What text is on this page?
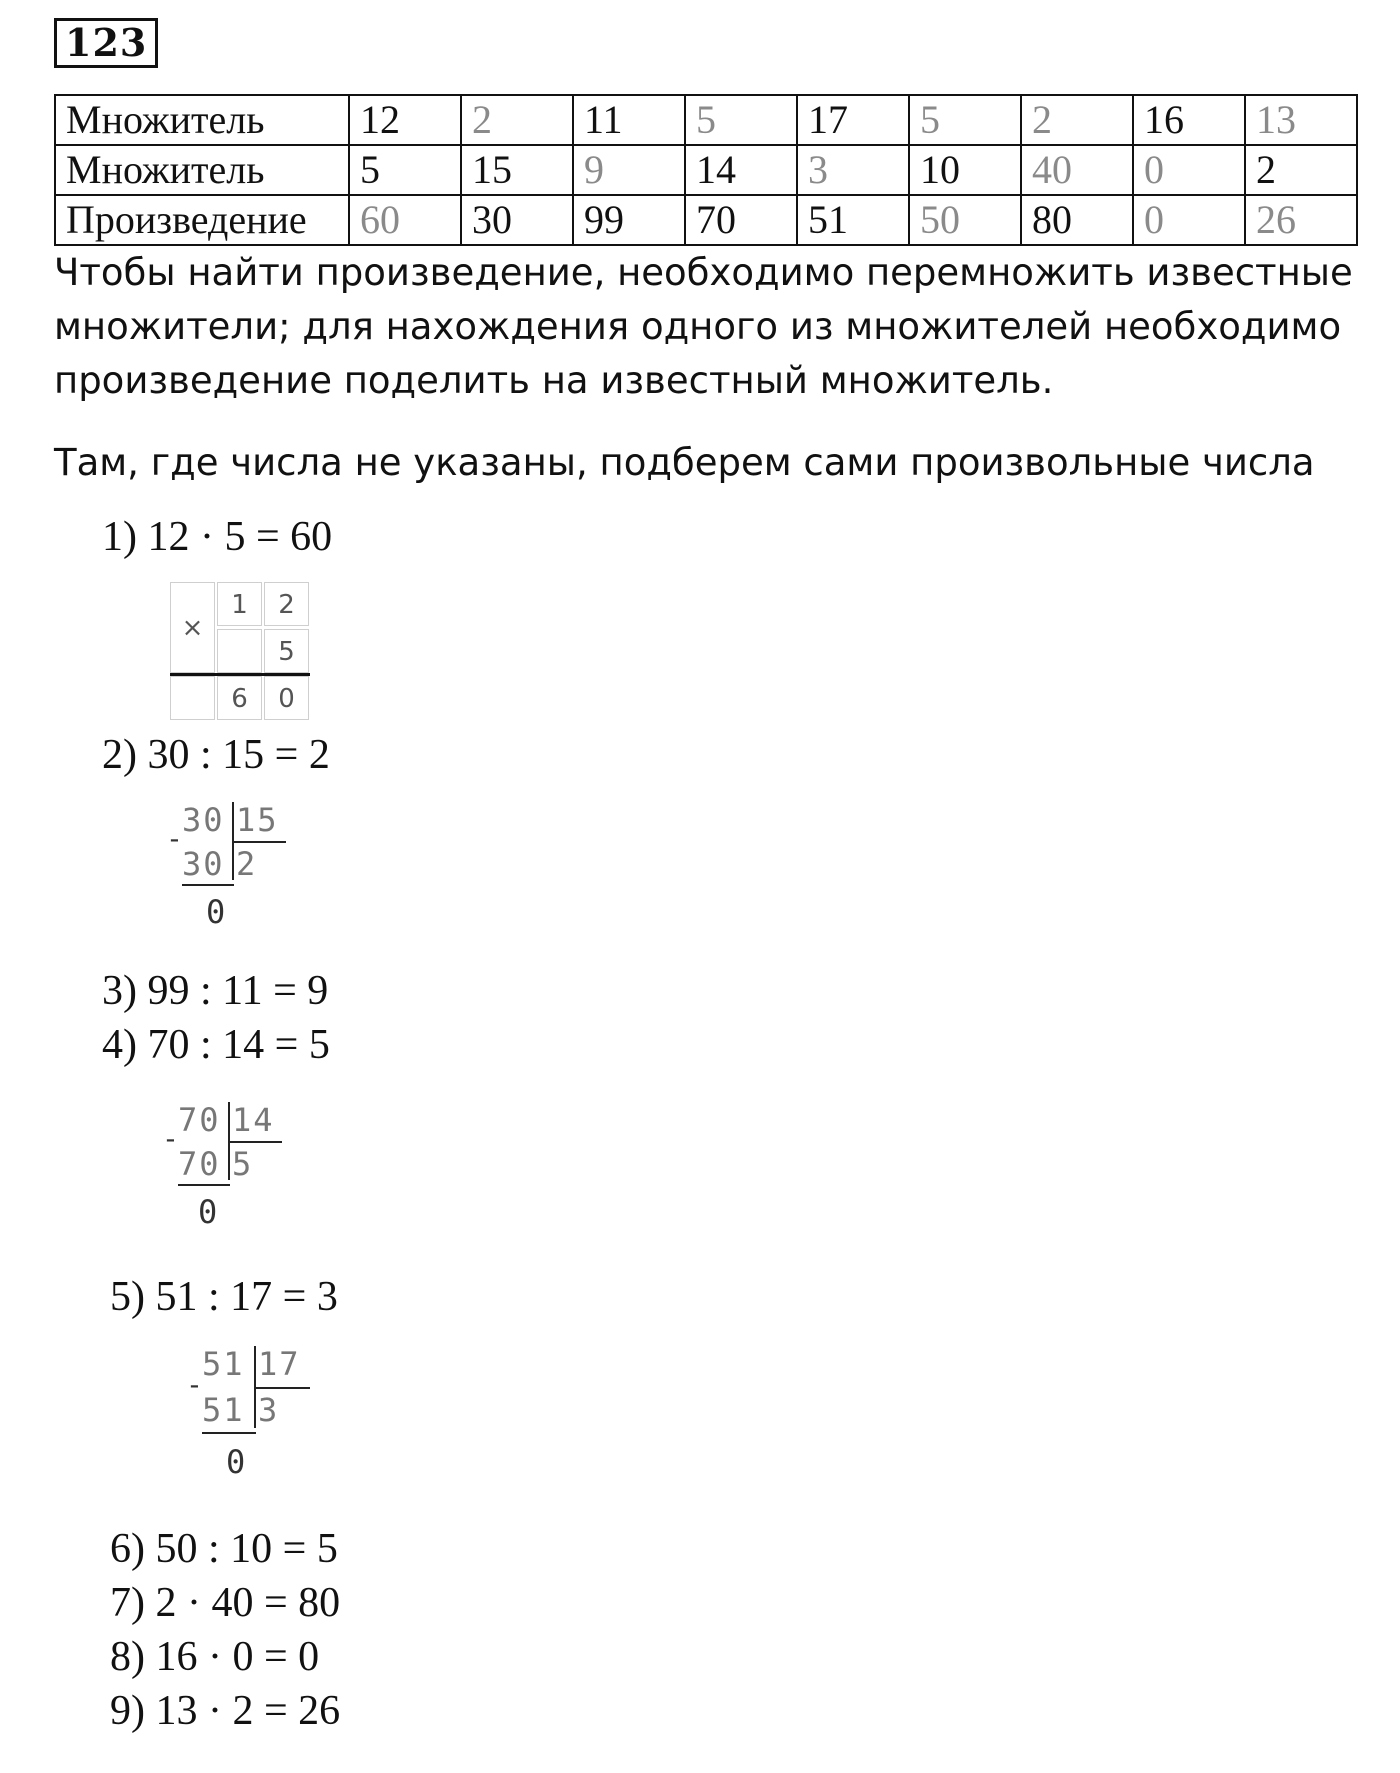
123
Множитель	12	2	11	5	17	5	2	16	13
Множитель	5	15	9	14	3	10	40	0	2
Произведение	60	30	99	70	51	50	80	0	26
Чтобы найти произведение, необходимо перемножить известные множители; для нахождения одного из множителей необходимо произведение поделить на известный множитель.
Там, где числа не указаны, подберем сами произвольные числа
1) 12 · 5 = 60
×
1	2
5
6	0
2) 30 : 15 = 2
30 15
-
30 2
0
3) 99 : 11 = 9
4) 70 : 14 = 5
70 14
-
70 5
0
5) 51 : 17 = 3
51 17
-
51 3
0
6) 50 : 10 = 5
7) 2 · 40 = 80
8) 16 · 0 = 0
9) 13 · 2 = 26
